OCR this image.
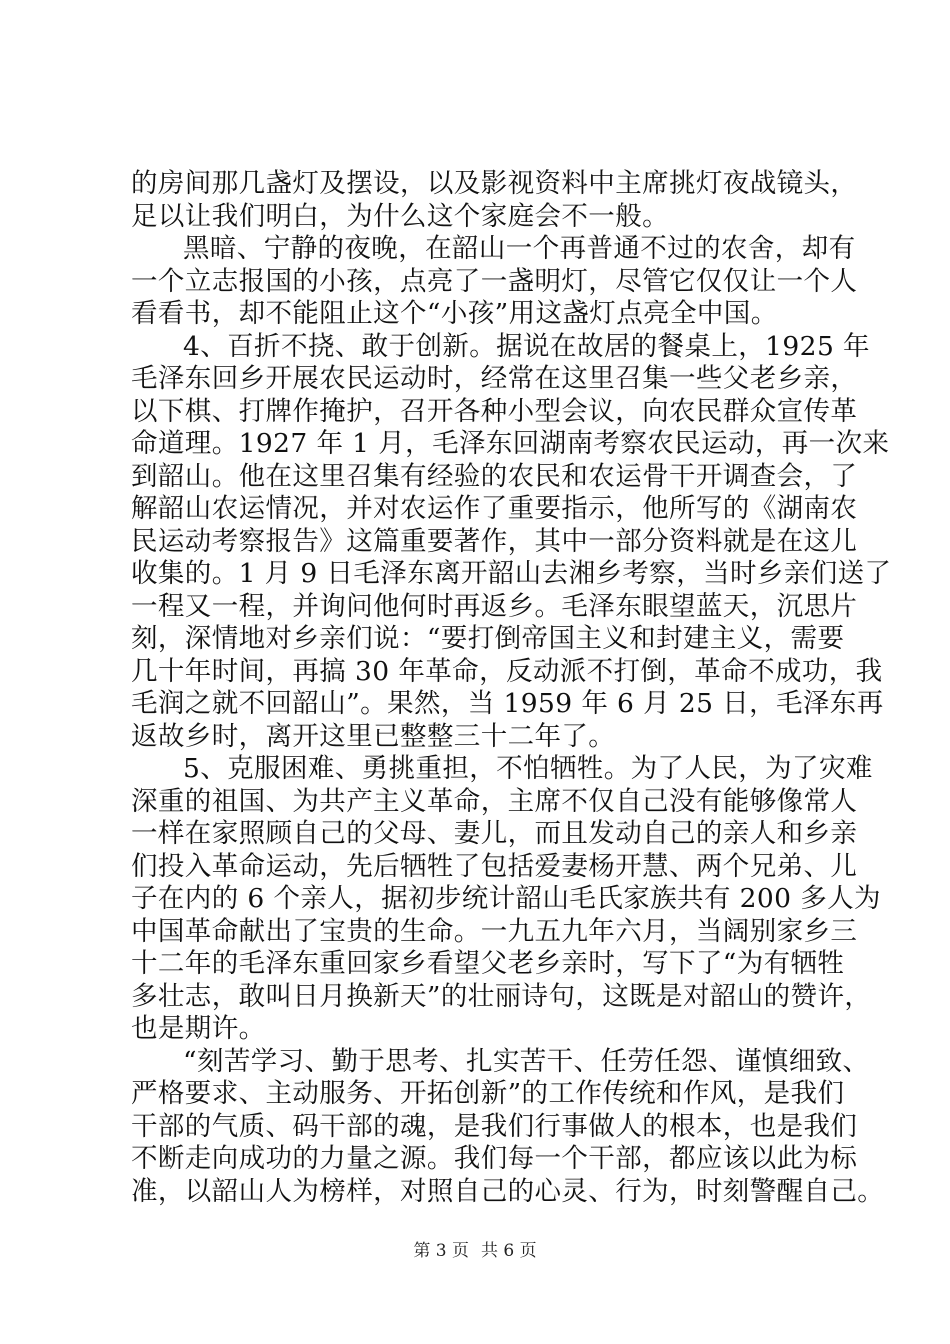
的房间那几盏灯及摆设，以及影视资料中主席挑灯夜战镜头，
足以让我们明白，为什么这个家庭会不一般。
黑暗、宁静的夜晚，在韶山一个再普通不过的农舍，却有
一个立志报国的小孩，点亮了一盏明灯，尽管它仅仅让一个人
看看书，却不能阻止这个“小孩”用这盏灯点亮全中国。
4、百折不挠、敢于创新。据说在故居的餐桌上，1925 年
毛泽东回乡开展农民运动时，经常在这里召集一些父老乡亲，
以下棋、打牌作掩护，召开各种小型会议，向农民群众宣传革
命道理。1927 年 1 月，毛泽东回湖南考察农民运动，再一次来
到韶山。他在这里召集有经验的农民和农运骨干开调查会，了
解韶山农运情况，并对农运作了重要指示，他所写的《湖南农
民运动考察报告》这篇重要著作，其中一部分资料就是在这儿
收集的。1 月 9 日毛泽东离开韶山去湘乡考察，当时乡亲们送了
一程又一程，并询问他何时再返乡。毛泽东眼望蓝天，沉思片
刻，深情地对乡亲们说：“要打倒帝国主义和封建主义，需要
几十年时间，再搞 30 年革命，反动派不打倒，革命不成功，我
毛润之就不回韶山”。果然，当 1959 年 6 月 25 日，毛泽东再
返故乡时，离开这里已整整三十二年了。
5、克服困难、勇挑重担，不怕牺牲。为了人民，为了灾难
深重的祖国、为共产主义革命，主席不仅自己没有能够像常人
一样在家照顾自己的父母、妻儿，而且发动自己的亲人和乡亲
们投入革命运动，先后牺牲了包括爱妻杨开慧、两个兄弟、儿
子在内的 6 个亲人，据初步统计韶山毛氏家族共有 200 多人为
中国革命献出了宝贵的生命。一九五九年六月，当阔别家乡三
十二年的毛泽东重回家乡看望父老乡亲时，写下了“为有牺牲
多壮志，敢叫日月换新天”的壮丽诗句，这既是对韶山的赞许，
也是期许。
“刻苦学习、勤于思考、扎实苦干、任劳任怨、谨慎细致、
严格要求、主动服务、开拓创新”的工作传统和作风，是我们
干部的气质、码干部的魂，是我们行事做人的根本，也是我们
不断走向成功的力量之源。我们每一个干部，都应该以此为标
准，以韶山人为榜样，对照自己的心灵、行为，时刻警醒自己。
第 3 页 共 6 页
